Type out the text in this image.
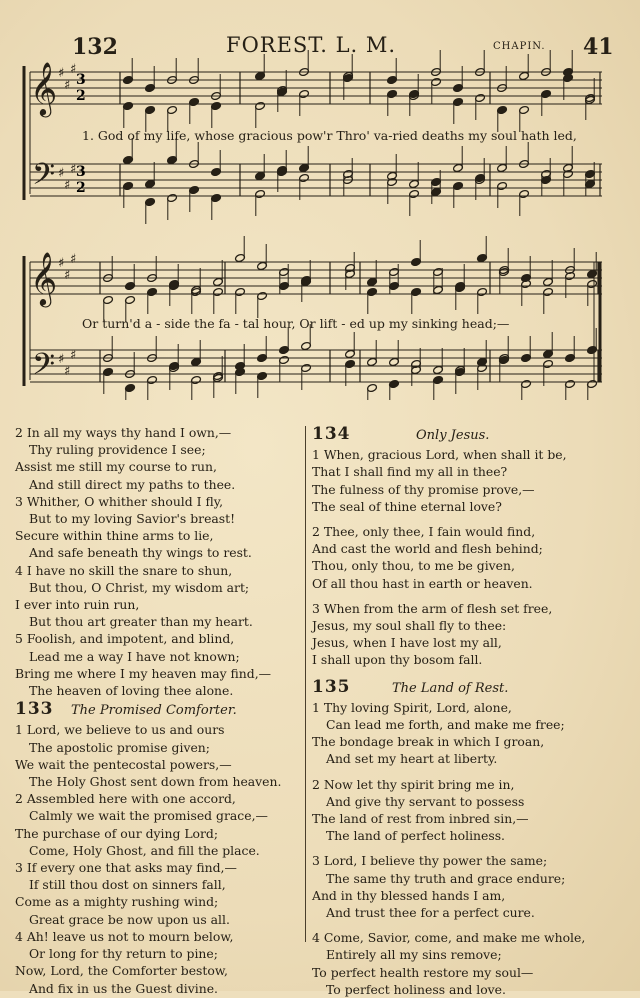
132	FOREST. L. M.	CHAPIN. 41
𝄞
𝄢
𝄞
𝄢
♯
♯
♯
♯
♯
♯
♯
♯
♯
♯
♯
♯
3
2
3
2
1. God of my life, whose gracious pow'r Thro' va-ried deaths my soul hath led,
Or turn'd a - side the fa - tal hour, Or lift - ed up my sinking head;—
2 In all my ways thy hand I own,—
Thy ruling providence I see;
Assist me still my course to run,
And still direct my paths to thee.
3 Whither, O whither should I fly,
But to my loving Savior's breast!
Secure within thine arms to lie,
And safe beneath thy wings to rest.
4 I have no skill the snare to shun,
But thou, O Christ, my wisdom art;
I ever into ruin run,
But thou art greater than my heart.
5 Foolish, and impotent, and blind,
Lead me a way I have not known;
Bring me where I my heaven may find,—
The heaven of loving thee alone.
133 The Promised Comforter.
1 Lord, we believe to us and ours
The apostolic promise given;
We wait the pentecostal powers,—
The Holy Ghost sent down from heaven.
2 Assembled here with one accord,
Calmly we wait the promised grace,—
The purchase of our dying Lord;
Come, Holy Ghost, and fill the place.
3 If every one that asks may find,—
If still thou dost on sinners fall,
Come as a mighty rushing wind;
Great grace be now upon us all.
4 Ah! leave us not to mourn below,
Or long for thy return to pine;
Now, Lord, the Comforter bestow,
And fix in us the Guest divine.
134	Only Jesus.
1 When, gracious Lord, when shall it be,
That I shall find my all in thee?
The fulness of thy promise prove,—
The seal of thine eternal love?
2 Thee, only thee, I fain would find,
And cast the world and flesh behind;
Thou, only thou, to me be given,
Of all thou hast in earth or heaven.
3 When from the arm of flesh set free,
Jesus, my soul shall fly to thee:
Jesus, when I have lost my all,
I shall upon thy bosom fall.
135	The Land of Rest.
1 Thy loving Spirit, Lord, alone,
Can lead me forth, and make me free;
The bondage break in which I groan,
And set my heart at liberty.
2 Now let thy spirit bring me in,
And give thy servant to possess
The land of rest from inbred sin,—
The land of perfect holiness.
3 Lord, I believe thy power the same;
The same thy truth and grace endure;
And in thy blessed hands I am,
And trust thee for a perfect cure.
4 Come, Savior, come, and make me whole,
Entirely all my sins remove;
To perfect health restore my soul—
To perfect holiness and love.
